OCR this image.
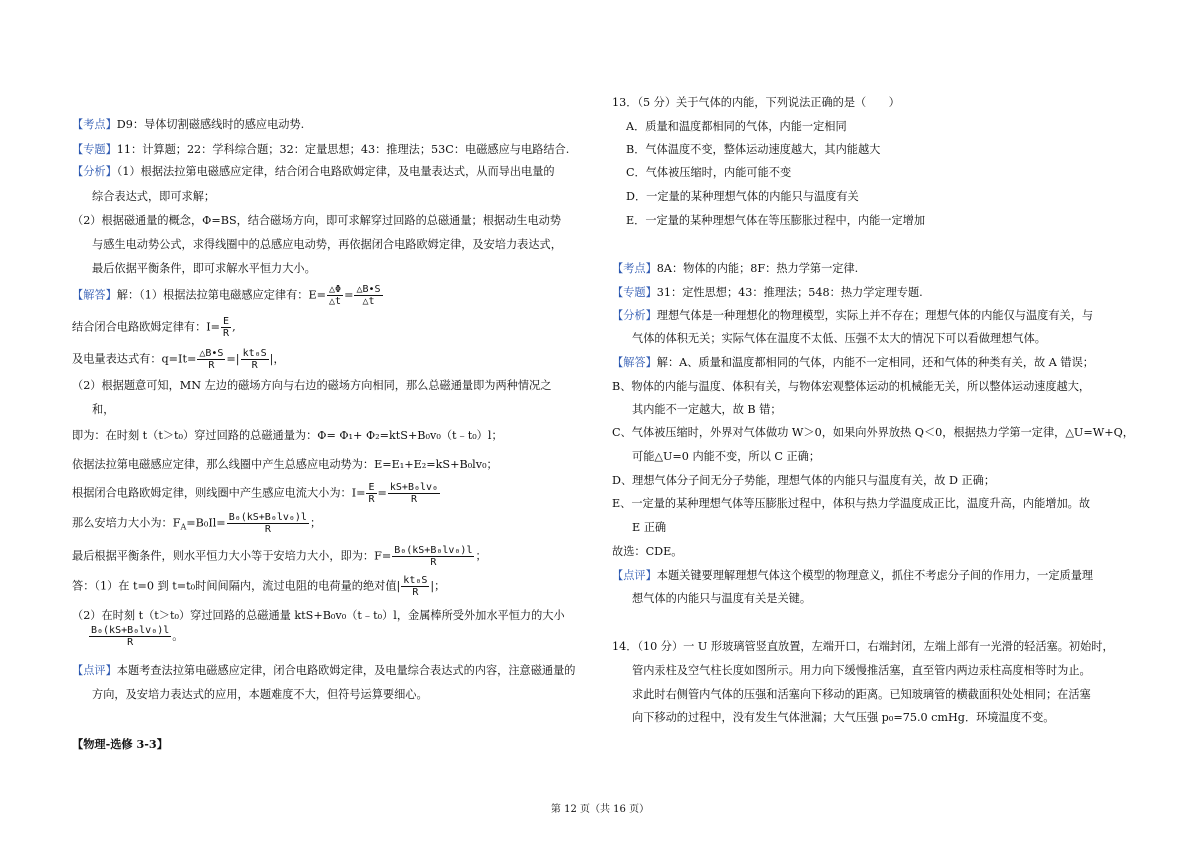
【考点】D9：导体切割磁感线时的感应电动势.
【专题】11：计算题；22：学科综合题；32：定量思想；43：推理法；53C：电磁感应与电路结合.
【分析】（1）根据法拉第电磁感应定律，结合闭合电路欧姆定律，及电量表达式，从而导出电量的
综合表达式，即可求解；
（2）根据磁通量的概念，Φ=BS，结合磁场方向，即可求解穿过回路的总磁通量；根据动生电动势
与感生电动势公式，求得线圈中的总感应电动势，再依据闭合电路欧姆定律，及安培力表达式，
最后依据平衡条件，即可求解水平恒力大小。
【解答】解：（1）根据法拉第电磁感应定律有：$E= \frac{\triangle\Phi}{\triangle t} = \frac{\triangle B•S}{\triangle t}$
结合闭合电路欧姆定律有：$I= \frac{E}{R}$ ,
及电量表达式有：$q=It= \frac{\triangle B•S}{R}$ =| $\frac{\text{kt₀S}}{R}$ |，
（2）根据题意可知，MN 左边的磁场方向与右边的磁场方向相同，那么总磁通量即为两种情况之
和，
即为：在时刻 t（t＞t₀）穿过回路的总磁通量为：Φ= Φ₁+ Φ₂=ktS+B₀v₀（t﹣t₀）l；
依据法拉第电磁感应定律，那么线圈中产生总感应电动势为：E=E₁+E₂=kS+B₀lv₀；
根据闭合电路欧姆定律，则线圈中产生感应电流大小为：$I= \frac{E}{R} = \frac{\text{kS+B₀lv₀}}{R}$
那么安培力大小为：$F_A=B_0Il= \frac{\text{B₀(kS+B₀lv₀)l}}{R}$ ；
最后根据平衡条件，则水平恒力大小等于安培力大小，即为：$F= \frac{\text{B₀(kS+B₀lv₀)l}}{R}$ ；
答：（1）在 t=0 到 t=t₀时间间隔内，流过电阻的电荷量的绝对值| $\frac{\text{kt₀S}}{R}$ |；
（2）在时刻 t（t＞t₀）穿过回路的总磁通量 ktS+B₀v₀（t﹣t₀）l，金属棒所受外加水平恒力的大小
$\frac{\text{B₀(kS+B₀lv₀)l}}{R}$ 。
【点评】本题考查法拉第电磁感应定律，闭合电路欧姆定律，及电量综合表达式的内容，注意磁通量的
方向，及安培力表达式的应用，本题难度不大，但符号运算要细心。
【物理-选修 3-3】
13．（5 分）关于气体的内能，下列说法正确的是（　　）
A．质量和温度都相同的气体，内能一定相同
B．气体温度不变，整体运动速度越大，其内能越大
C．气体被压缩时，内能可能不变
D．一定量的某种理想气体的内能只与温度有关
E．一定量的某种理想气体在等压膨胀过程中，内能一定增加
【考点】8A：物体的内能；8F：热力学第一定律.
【专题】31：定性思想；43：推理法；548：热力学定理专题.
【分析】理想气体是一种理想化的物理模型，实际上并不存在；理想气体的内能仅与温度有关，与
气体的体积无关；实际气体在温度不太低、压强不太大的情况下可以看做理想气体。
【解答】解：A、质量和温度都相同的气体，内能不一定相同，还和气体的种类有关，故 A 错误；
B、物体的内能与温度、体积有关，与物体宏观整体运动的机械能无关，所以整体运动速度越大，
其内能不一定越大，故 B 错；
C、气体被压缩时，外界对气体做功 W＞0，如果向外界放热 Q＜0，根据热力学第一定律，△U=W+Q，
可能△U=0 内能不变，所以 C 正确；
D、理想气体分子间无分子势能，理想气体的内能只与温度有关，故 D 正确；
E、一定量的某种理想气体等压膨胀过程中，体积与热力学温度成正比，温度升高，内能增加。故
E 正确
故选：CDE。
【点评】本题关键要理解理想气体这个模型的物理意义，抓住不考虑分子间的作用力，一定质量理
想气体的内能只与温度有关是关键。
14．（10 分）一 U 形玻璃管竖直放置，左端开口，右端封闭，左端上部有一光滑的轻活塞。初始时，
管内汞柱及空气柱长度如图所示。用力向下缓慢推活塞，直至管内两边汞柱高度相等时为止。
求此时右侧管内气体的压强和活塞向下移动的距离。已知玻璃管的横截面积处处相同；在活塞
向下移动的过程中，没有发生气体泄漏；大气压强 p₀=75.0 cmHg．环境温度不变。
第 12 页（共 16 页）
